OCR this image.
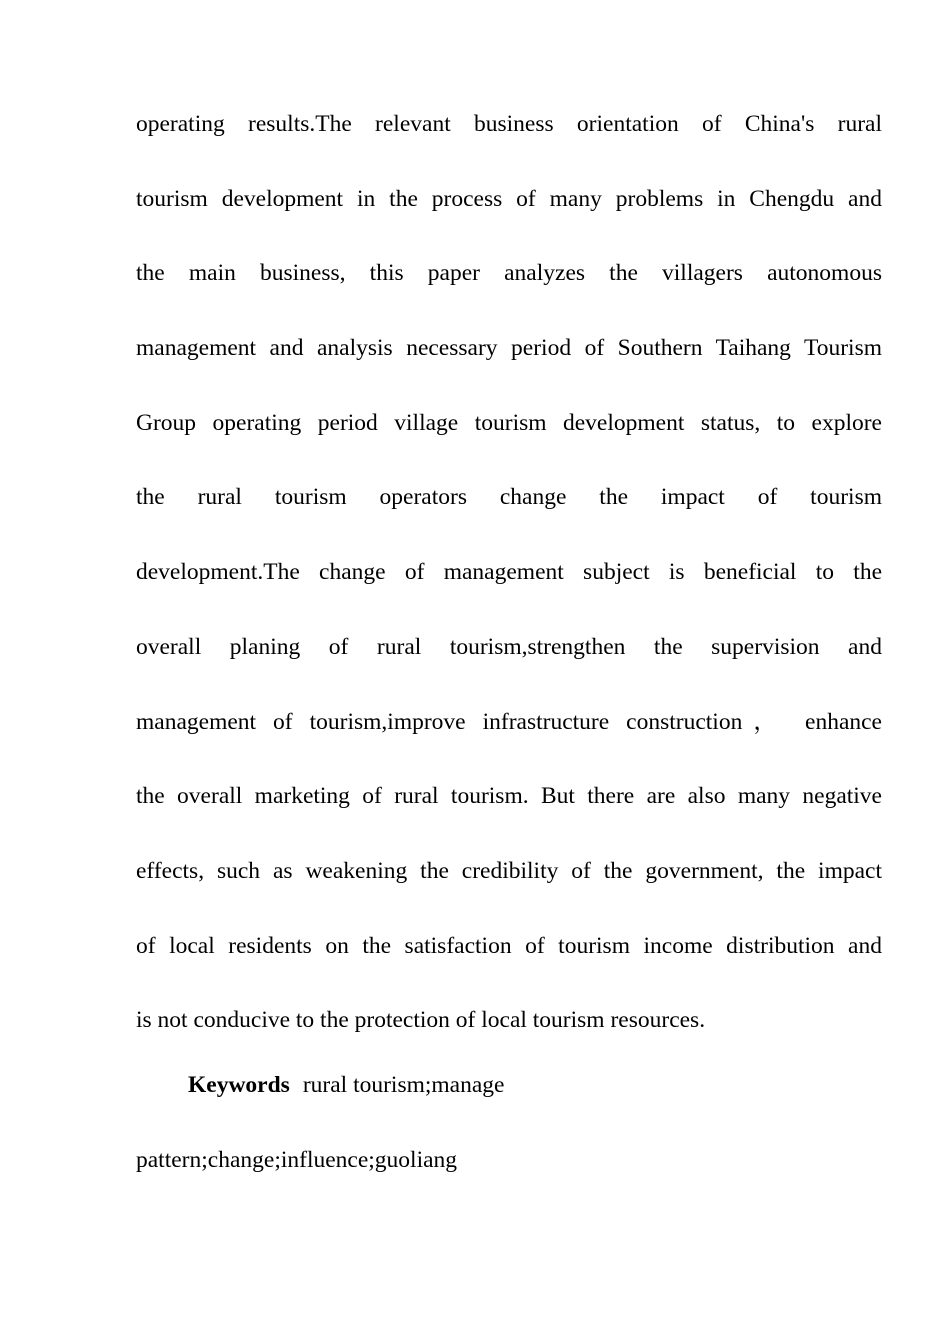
operating results.The relevant business orientation of China's rural
tourism development in the process of many problems in Chengdu and
the main business, this paper analyzes the villagers autonomous
management and analysis necessary period of Southern Taihang Tourism
Group operating period village tourism development status, to explore
the rural tourism operators change the impact of tourism
development.The change of management subject is beneficial to the
overall planing of rural tourism,strengthen the supervision and
management of tourism,improve infrastructure construction， enhance
the overall marketing of rural tourism. But there are also many negative
effects, such as weakening the credibility of the government, the impact
of local residents on the satisfaction of tourism income distribution and
is not conducive to the protection of local tourism resources.
Keywords rural tourism;manage
pattern;change;influence;guoliang
